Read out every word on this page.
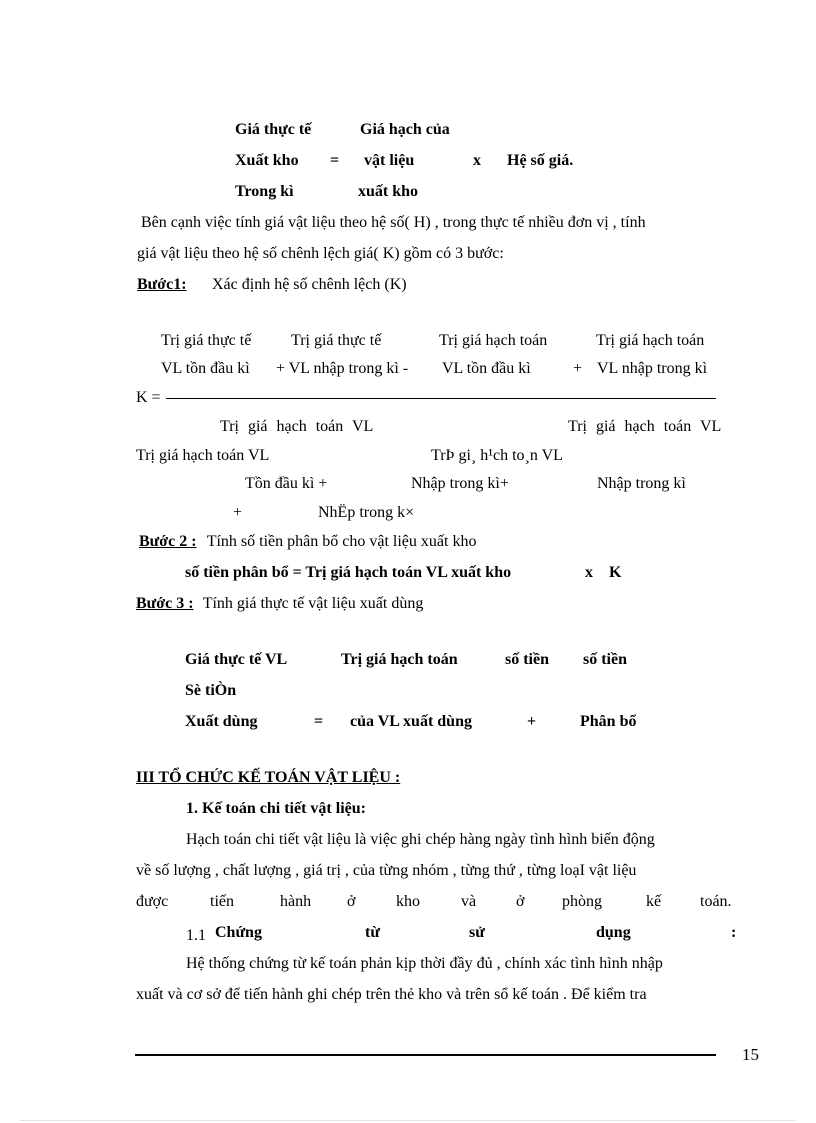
Giá thực tế	Giá hạch của
Xuất kho = vật liệu	x Hệ số giá.
Trong kì	xuất kho
Bên cạnh việc tính giá vật liệu theo hệ số( H) , trong thực tế nhiều đơn vị , tính
giá vật liệu theo hệ số chênh lệch giá( K) gồm có 3 bước:
Bước1: Xác định hệ số chênh lệch (K)
Trị giá thực tế Trị giá thực tế	Trị giá hạch toán	Trị giá hạch toán
VL tồn đầu kì + VL nhập trong kì - VL tồn đầu kì	+ VL nhập trong kì
K =
Trị giá hạch toán VL	Trị giá hạch toán VL
Trị giá hạch toán VL	TrÞ gi¸ h¹ch to¸n VL
Tồn đầu kì +	Nhập trong kì+	Nhập trong kì
+	NhËp trong k×
Bước 2 : Tính số tiền phân bổ cho vật liệu xuất kho
số tiền phân bổ = Trị giá hạch toán VL xuất kho	x K
Bước 3 : Tính giá thực tế vật liệu xuất dùng
Giá thực tế VL	Trị giá hạch toán	số tiền số tiền
Sè tiÒn
Xuất dùng	= của VL xuất dùng	+	Phân bổ
III TỔ CHỨC KẾ TOÁN VẬT LIỆU :
1. Kế toán chi tiết vật liệu:
Hạch toán chi tiết vật liệu là việc ghi chép hàng ngày tình hình biến động
về số lượng , chất lượng , giá trị , của từng nhóm , từng thứ , từng loạI vật liệu
được	tiến	hành ở	kho	và ở phòng	kế toán.
1.1 Chứng	từ	sử	dụng	:
Hệ thống chứng từ kế toán phản kịp thời đầy đủ , chính xác tình hình nhập
xuất và cơ sở để tiến hành ghi chép trên thẻ kho và trên sổ kế toán . Để kiểm tra
15
